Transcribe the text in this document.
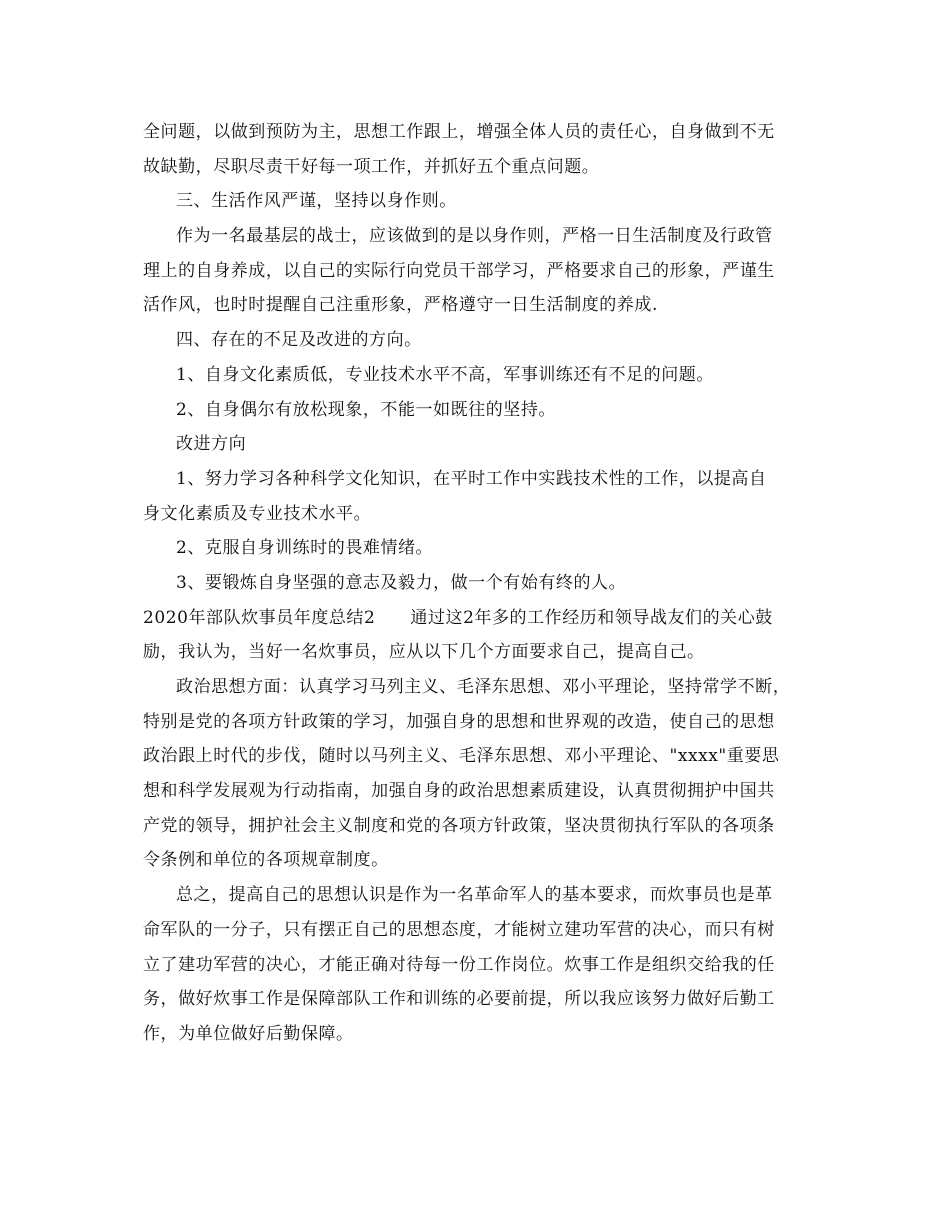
全问题，以做到预防为主，思想工作跟上，增强全体人员的责任心，自身做到不无
故缺勤，尽职尽责干好每一项工作，并抓好五个重点问题。
三、生活作风严谨，坚持以身作则。
作为一名最基层的战士，应该做到的是以身作则，严格一日生活制度及行政管
理上的自身养成，以自己的实际行向党员干部学习，严格要求自己的形象，严谨生
活作风，也时时提醒自己注重形象，严格遵守一日生活制度的养成.
四、存在的不足及改进的方向。
1、自身文化素质低，专业技术水平不高，军事训练还有不足的问题。
2、自身偶尔有放松现象，不能一如既往的坚持。
改进方向
1、努力学习各种科学文化知识，在平时工作中实践技术性的工作，以提高自
身文化素质及专业技术水平。
2、克服自身训练时的畏难情绪。
3、要锻炼自身坚强的意志及毅力，做一个有始有终的人。
2020年部队炊事员年度总结2　　通过这2年多的工作经历和领导战友们的关心鼓
励，我认为，当好一名炊事员，应从以下几个方面要求自己，提高自己。
政治思想方面：认真学习马列主义、毛泽东思想、邓小平理论，坚持常学不断，
特别是党的各项方针政策的学习，加强自身的思想和世界观的改造，使自己的思想
政治跟上时代的步伐，随时以马列主义、毛泽东思想、邓小平理论、"xxxx"重要思
想和科学发展观为行动指南，加强自身的政治思想素质建设，认真贯彻拥护中国共
产党的领导，拥护社会主义制度和党的各项方针政策，坚决贯彻执行军队的各项条
令条例和单位的各项规章制度。
总之，提高自己的思想认识是作为一名革命军人的基本要求，而炊事员也是革
命军队的一分子，只有摆正自己的思想态度，才能树立建功军营的决心，而只有树
立了建功军营的决心，才能正确对待每一份工作岗位。炊事工作是组织交给我的任
务，做好炊事工作是保障部队工作和训练的必要前提，所以我应该努力做好后勤工
作，为单位做好后勤保障。
